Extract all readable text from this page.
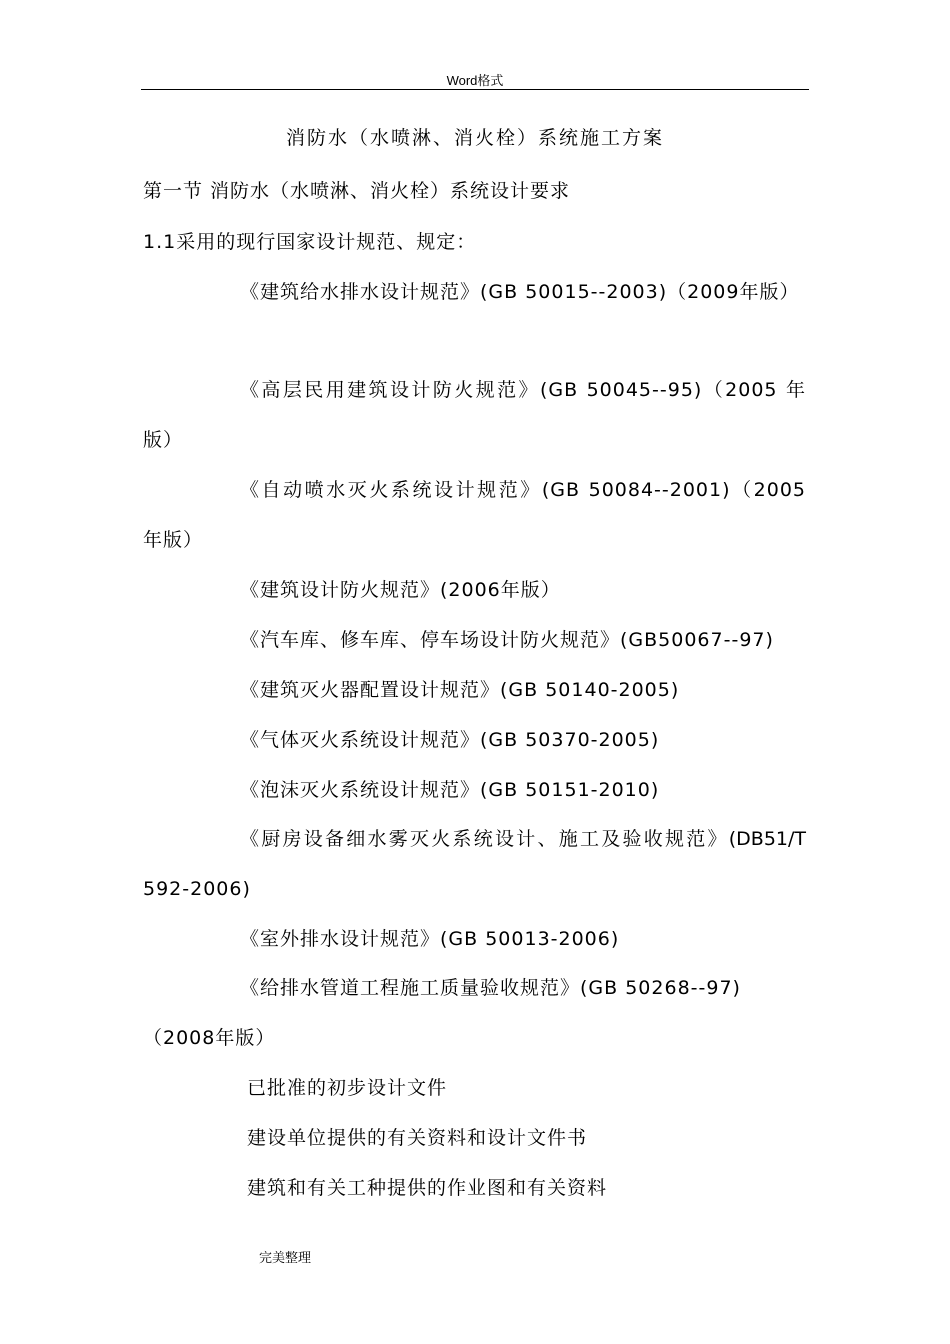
Word格式
消防水（水喷淋、消火栓）系统施工方案
第一节 消防水（水喷淋、消火栓）系统设计要求
1.1采用的现行国家设计规范、规定：
《建筑给水排水设计规范》(GB 50015--2003)（2009年版）
《高层民用建筑设计防火规范》(GB 50045--95)（2005 年
版）
《自动喷水灭火系统设计规范》(GB 50084--2001)（2005
年版）
《建筑设计防火规范》(2006年版）
《汽车库、修车库、停车场设计防火规范》(GB50067--97)
《建筑灭火器配置设计规范》(GB 50140-2005)
《气体灭火系统设计规范》(GB 50370-2005)
《泡沫灭火系统设计规范》(GB 50151-2010)
《厨房设备细水雾灭火系统设计、施工及验收规范》(DB51/T
592-2006)
《室外排水设计规范》(GB 50013-2006)
《给排水管道工程施工质量验收规范》(GB 50268--97)
（2008年版）
已批准的初步设计文件
建设单位提供的有关资料和设计文件书
建筑和有关工种提供的作业图和有关资料
完美整理
